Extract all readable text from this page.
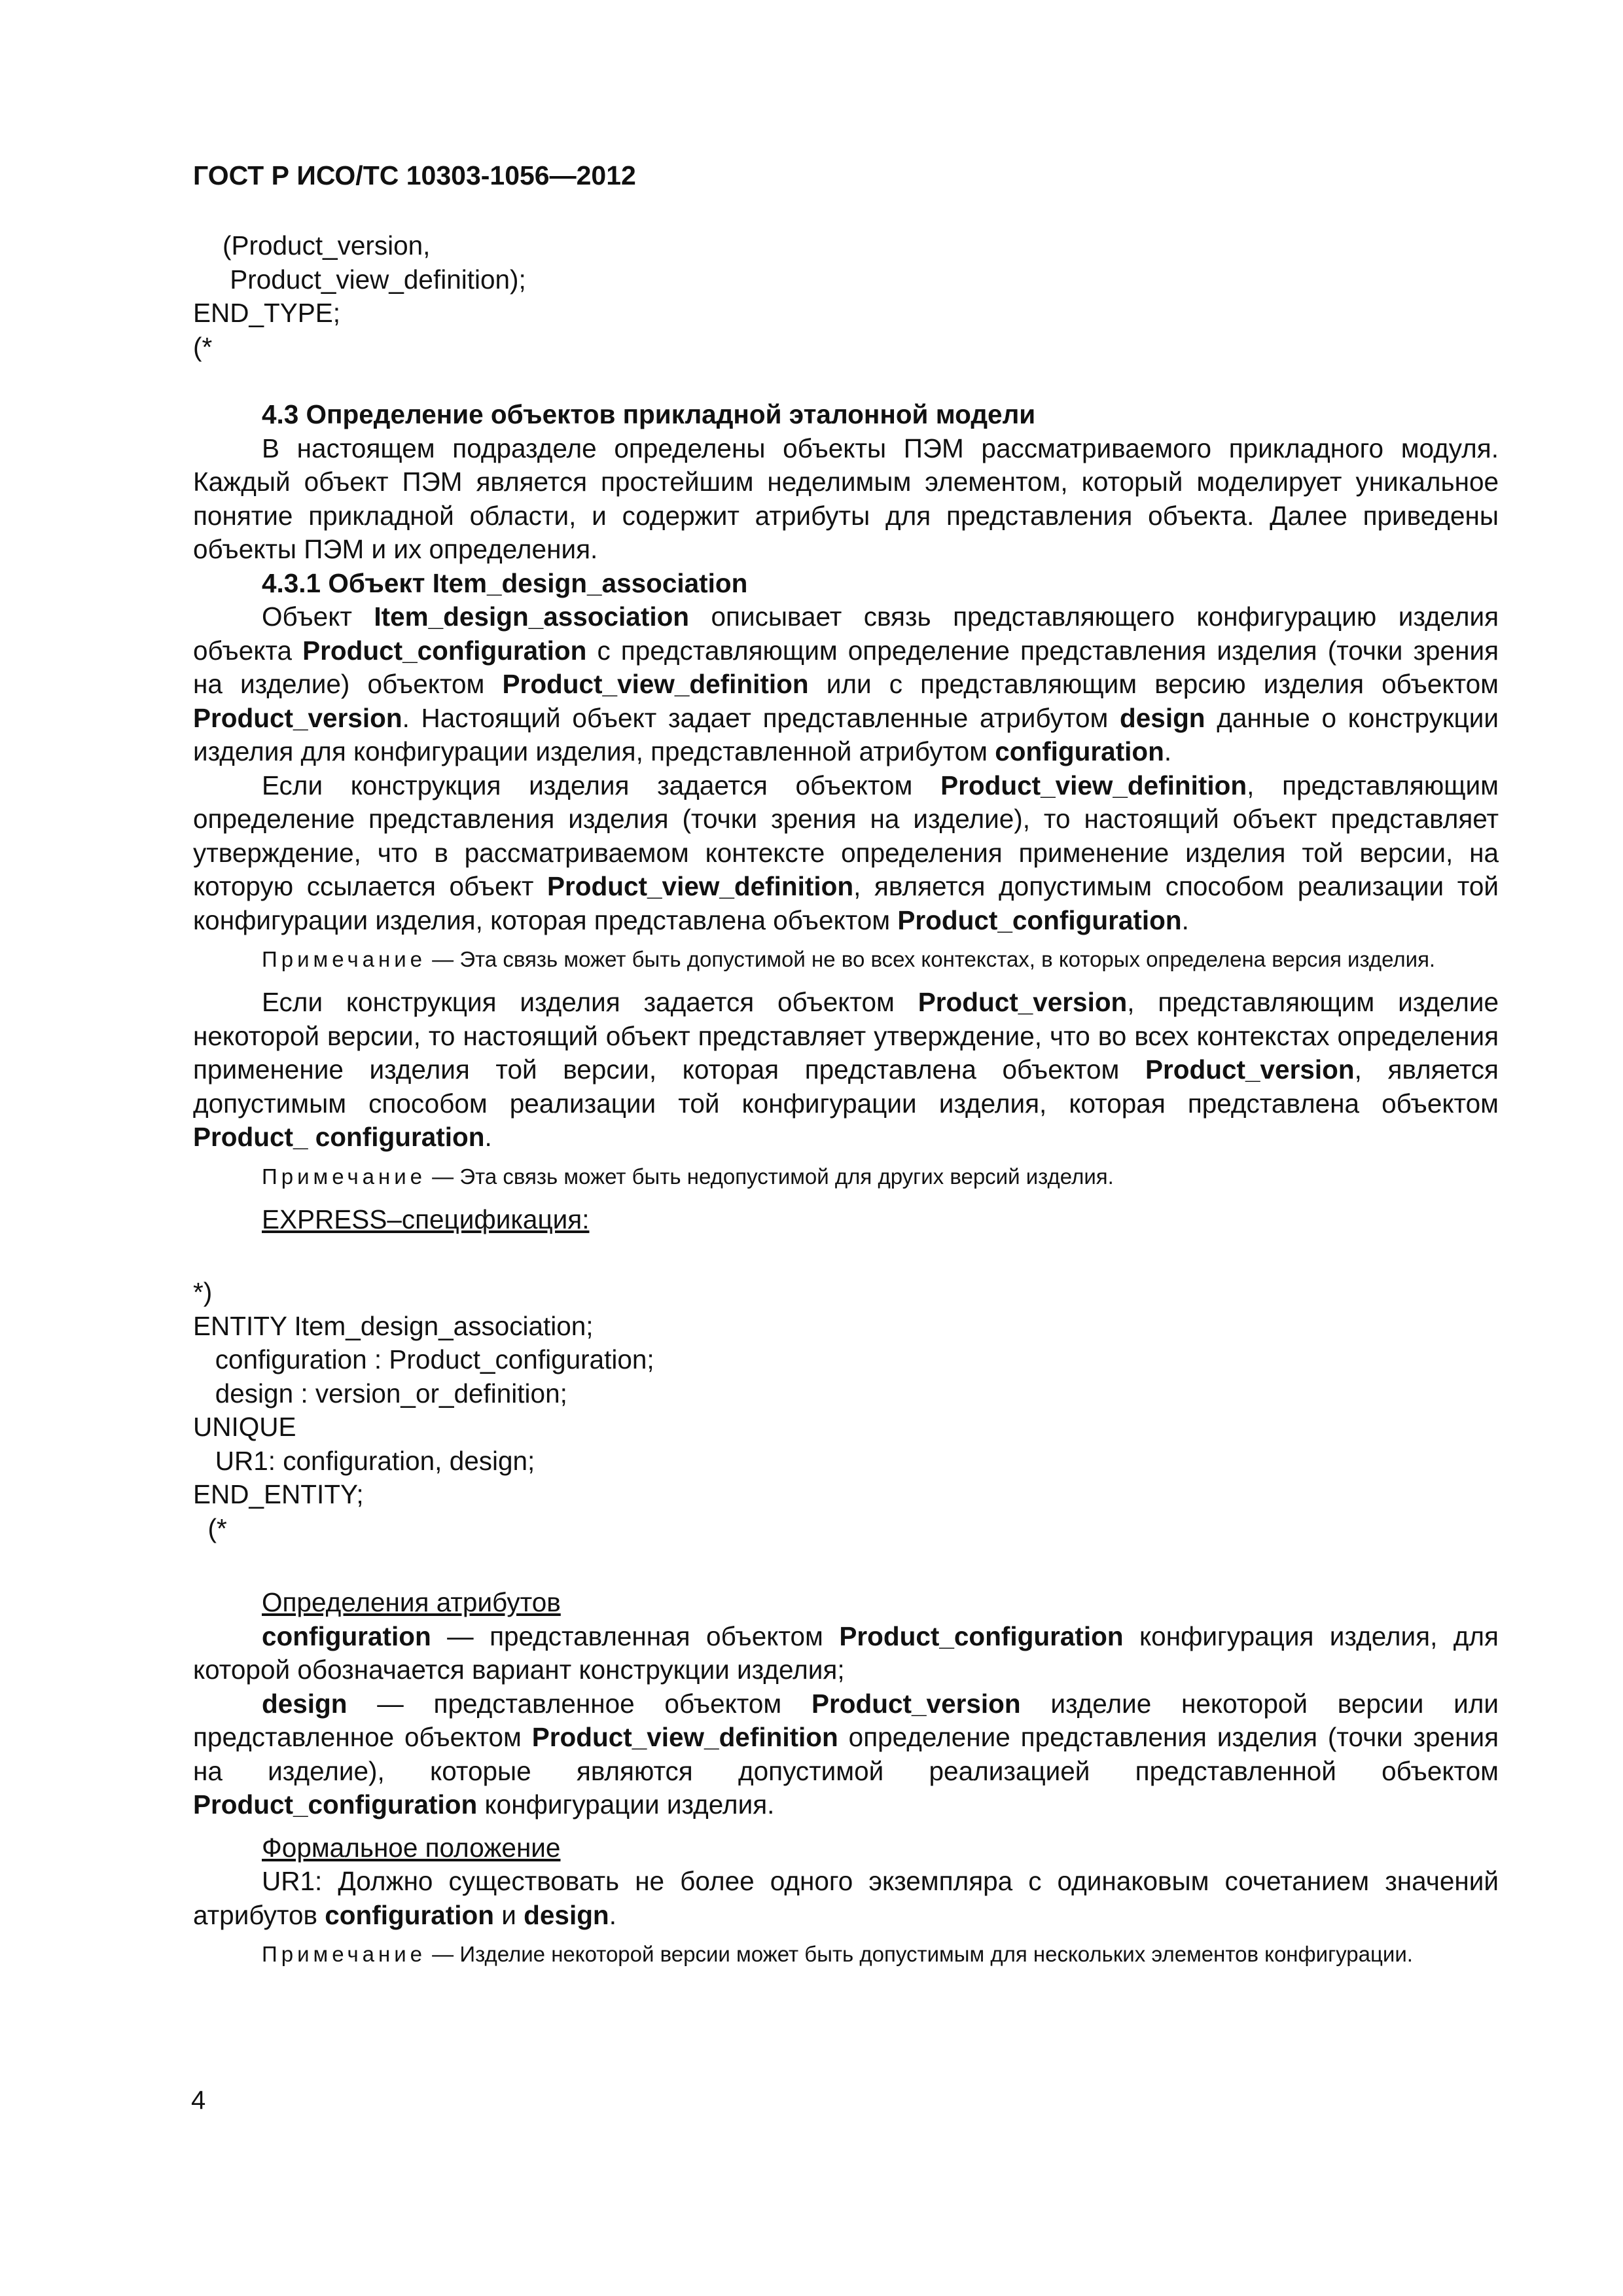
ГОСТ Р ИСО/ТС 10303-1056—2012
(Product_version,
Product_view_definition);
END_TYPE;
(*

4.3 Определение объектов прикладной эталонной модели

В настоящем подразделе определены объекты ПЭМ рассматриваемого прикладного модуля. Каждый объект ПЭМ является простейшим неделимым элементом, который моделирует уникальное понятие прикладной области, и содержит атрибуты для представления объекта. Далее приведены объекты ПЭМ и их определения.

4.3.1 Объект Item_design_association

Объект Item_design_association описывает связь представляющего конфигурацию изделия объекта Product_configuration с представляющим определение представления изделия (точки зрения на изделие) объектом Product_view_definition или с представляющим версию изделия объектом Product_version. Настоящий объект задает представленные атрибутом design данные о конструкции изделия для конфигурации изделия, представленной атрибутом configuration.

Если конструкция изделия задается объектом Product_view_definition, представляющим определение представления изделия (точки зрения на изделие), то настоящий объект представляет утверждение, что в рассматриваемом контексте определения применение изделия той версии, на которую ссылается объект Product_view_definition, является допустимым способом реализации той конфигурации изделия, которая представлена объектом Product_configuration.

Примечание — Эта связь может быть допустимой не во всех контекстах, в которых определена версия изделия.

Если конструкция изделия задается объектом Product_version, представляющим изделие некоторой версии, то настоящий объект представляет утверждение, что во всех контекстах определения применение изделия той версии, которая представлена объектом Product_version, является допустимым способом реализации той конфигурации изделия, которая представлена объектом Product_ configuration.

Примечание — Эта связь может быть недопустимой для других версий изделия.

EXPRESS–спецификация:

*)
ENTITY Item_design_association;
configuration : Product_configuration;
design : version_or_definition;
UNIQUE
UR1: configuration, design;
END_ENTITY;
(*

Определения атрибутов

configuration — представленная объектом Product_configuration конфигурация изделия, для которой обозначается вариант конструкции изделия;

design — представленное объектом Product_version изделие некоторой версии или представленное объектом Product_view_definition определение представления изделия (точки зрения на изделие), которые являются допустимой реализацией представленной объектом Product_configuration конфигурации изделия.

Формальное положение

UR1: Должно существовать не более одного экземпляра с одинаковым сочетанием значений атрибутов configuration и design.

Примечание — Изделие некоторой версии может быть допустимым для нескольких элементов конфигурации.

4
